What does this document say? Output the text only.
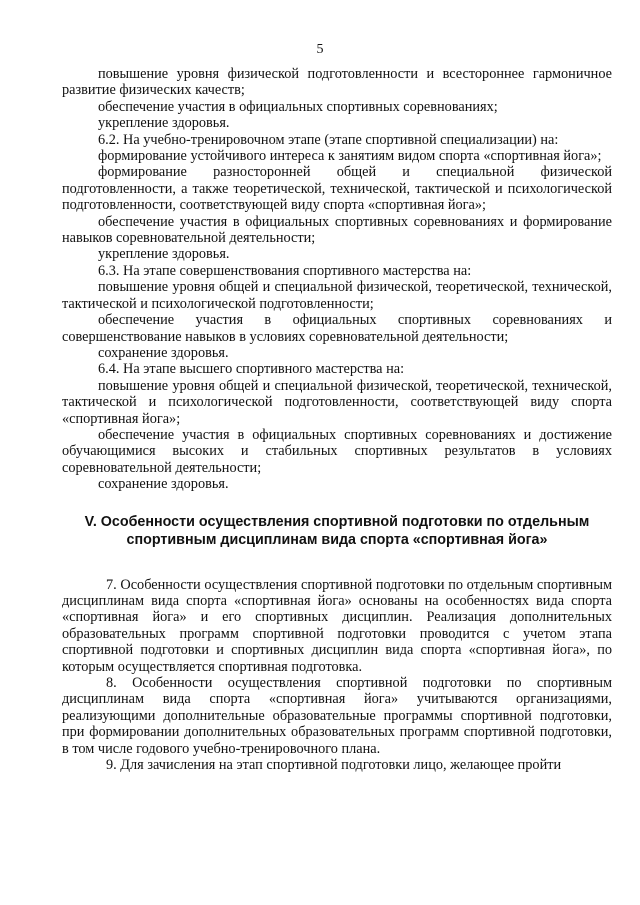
5

повышение уровня физической подготовленности и всестороннее гармоничное развитие физических качеств;

обеспечение участия в официальных спортивных соревнованиях;

укрепление здоровья.

6.2. На учебно-тренировочном этапе (этапе спортивной специализации) на:

формирование устойчивого интереса к занятиям видом спорта «спортивная йога»;

формирование разносторонней общей и специальной физической подготовленности, а также теоретической, технической, тактической и психологической подготовленности, соответствующей виду спорта «спортивная йога»;

обеспечение участия в официальных спортивных соревнованиях и формирование навыков соревновательной деятельности;

укрепление здоровья.

6.3. На этапе совершенствования спортивного мастерства на:

повышение уровня общей и специальной физической, теоретической, технической, тактической и психологической подготовленности;

обеспечение участия в официальных спортивных соревнованиях и совершенствование навыков в условиях соревновательной деятельности;

сохранение здоровья.

6.4. На этапе высшего спортивного мастерства на:

повышение уровня общей и специальной физической, теоретической, технической, тактической и психологической подготовленности, соответствующей виду спорта «спортивная йога»;

обеспечение участия в официальных спортивных соревнованиях и достижение обучающимися высоких и стабильных спортивных результатов в условиях соревновательной деятельности;

сохранение здоровья.

V. Особенности осуществления спортивной подготовки по отдельным
спортивным дисциплинам вида спорта «спортивная йога»

7. Особенности осуществления спортивной подготовки по отдельным спортивным дисциплинам вида спорта «спортивная йога» основаны на особенностях вида спорта «спортивная йога» и его спортивных дисциплин. Реализация дополнительных образовательных программ спортивной подготовки проводится с учетом этапа спортивной подготовки и спортивных дисциплин вида спорта «спортивная йога», по которым осуществляется спортивная подготовка.

8. Особенности осуществления спортивной подготовки по спортивным дисциплинам вида спорта «спортивная йога» учитываются организациями, реализующими дополнительные образовательные программы спортивной подготовки, при формировании дополнительных образовательных программ спортивной подготовки, в том числе годового учебно-тренировочного плана.

9. Для зачисления на этап спортивной подготовки лицо, желающее пройти
